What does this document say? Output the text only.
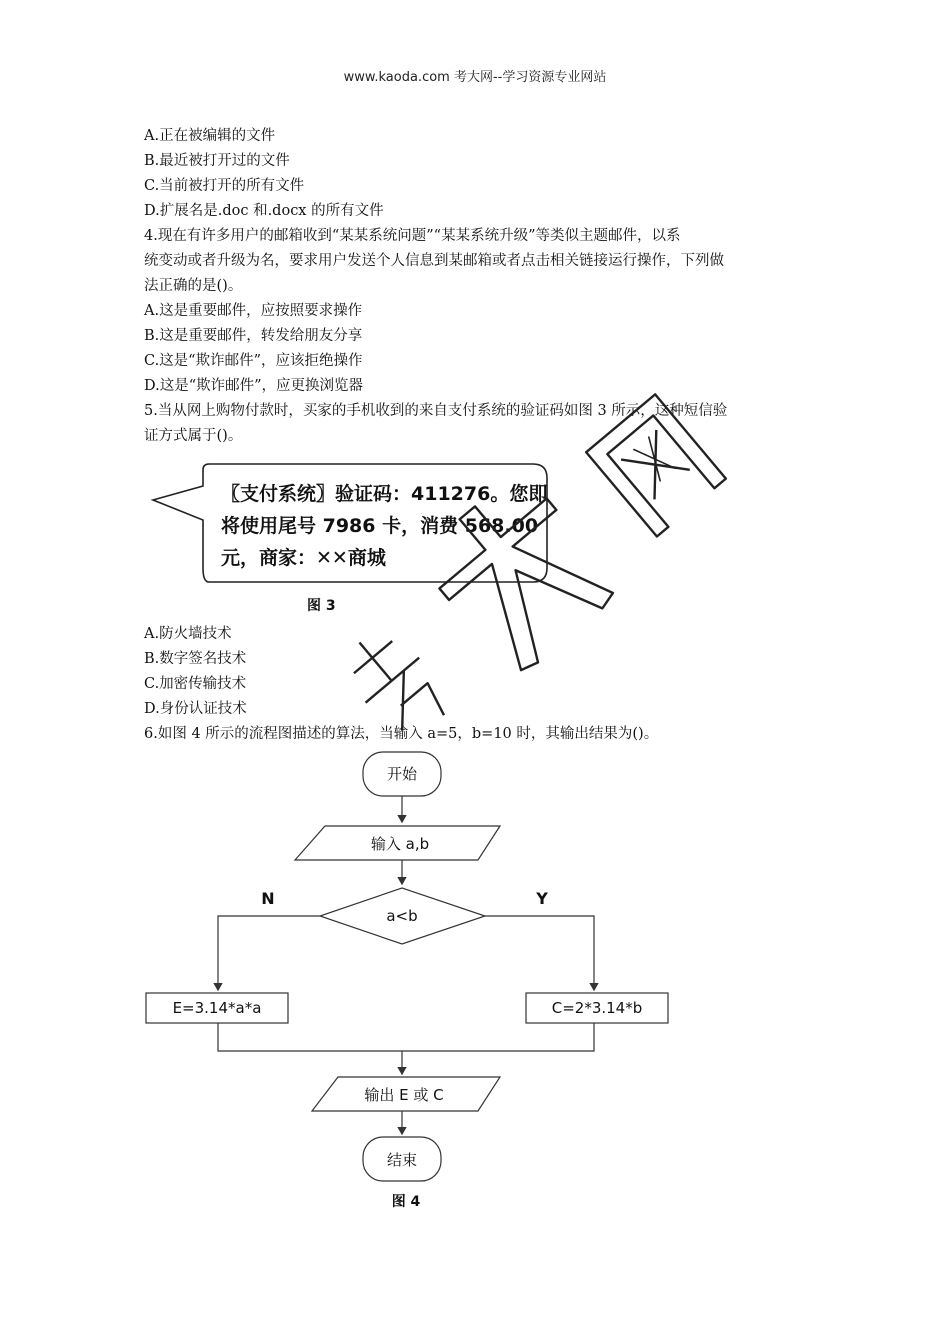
www.kaoda.com 考大网--学习资源专业网站
A.正在被编辑的文件
B.最近被打开过的文件
C.当前被打开的所有文件
D.扩展名是.doc 和.docx 的所有文件
4.现在有许多用户的邮箱收到“某某系统问题”“某某系统升级”等类似主题邮件，以系
统变动或者升级为名，要求用户发送个人信息到某邮箱或者点击相关链接运行操作，下列做
法正确的是()。
A.这是重要邮件，应按照要求操作
B.这是重要邮件，转发给朋友分享
C.这是“欺诈邮件”，应该拒绝操作
D.这是“欺诈邮件”，应更换浏览器
5.当从网上购物付款时，买家的手机收到的来自支付系统的验证码如图 3 所示，这种短信验
证方式属于()。
〖支付系统〗验证码：411276。您即
将使用尾号 7986 卡，消费 568.00
元，商家：✕✕商城
图 3
A.防火墙技术
B.数字签名技术
C.加密传输技术
D.身份认证技术
6.如图 4 所示的流程图描述的算法，当输入 a=5，b=10 时，其输出结果为()。
开始
输入 a,b
a<b
N	Y
E=3.14*a*a	C=2*3.14*b
输出 E 或 C
结束
图 4
